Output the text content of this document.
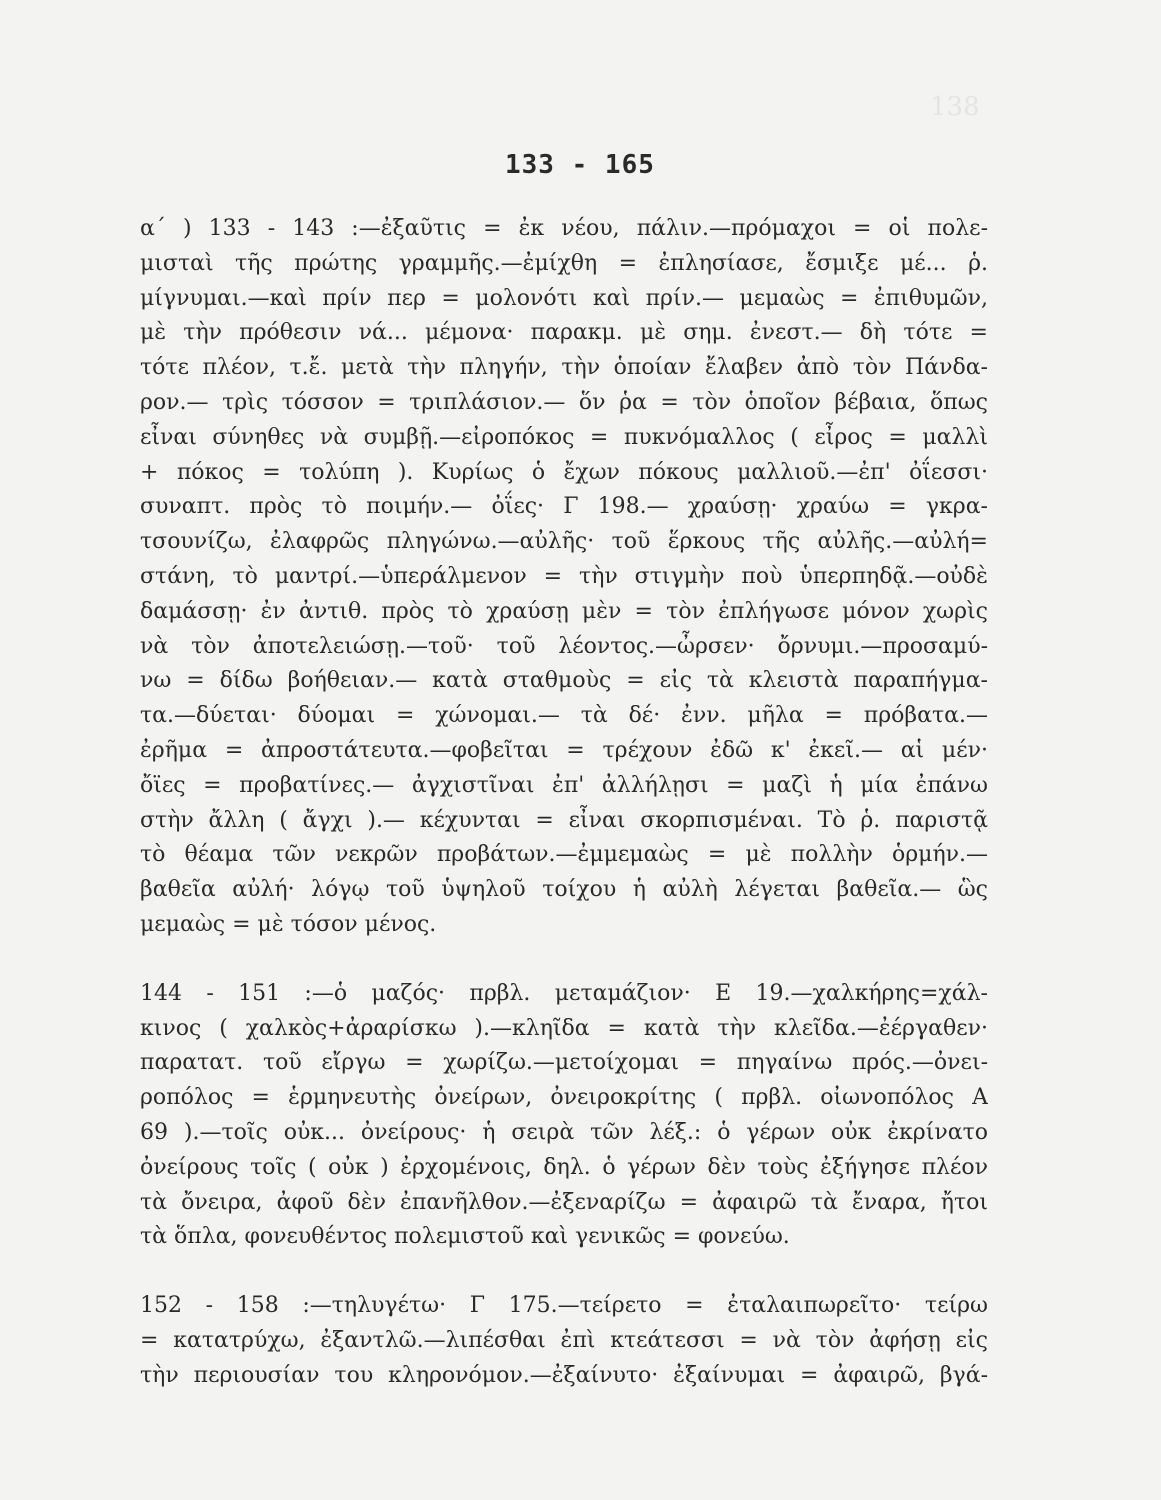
138
133 - 165
α΄ ) 133 - 143 :—ἐξαῦτις = ἐκ νέου, πάλιν.—πρόμαχοι = οἱ πολε-
μισταὶ τῆς πρώτης γραμμῆς.—ἐμίχθη = ἐπλησίασε, ἔσμιξε μέ... ῥ.
μίγνυμαι.—καὶ πρίν περ = μολονότι καὶ πρίν.— μεμαὼς = ἐπιθυμῶν,
μὲ τὴν πρόθεσιν νά... μέμονα· παρακμ. μὲ σημ. ἐνεστ.— δὴ τότε =
τότε πλέον, τ.ἔ. μετὰ τὴν πληγήν, τὴν ὁποίαν ἔλαβεν ἀπὸ τὸν Πάνδα-
ρον.— τρὶς τόσσον = τριπλάσιον.— ὅν ῥα = τὸν ὁποῖον βέβαια, ὅπως
εἶναι σύνηθες νὰ συμβῇ.—εἰροπόκος = πυκνόμαλλος ( εἶρος = μαλλὶ
+ πόκος = τολύπη ). Κυρίως ὁ ἔχων πόκους μαλλιοῦ.—ἐπ' ὀΐεσσι·
συναπτ. πρὸς τὸ ποιμήν.— ὀΐες· Γ 198.— χραύσῃ· χραύω = γκρα-
τσουνίζω, ἐλαφρῶς πληγώνω.—αὐλῆς· τοῦ ἕρκους τῆς αὐλῆς.—αὐλή=
στάνη, τὸ μαντρί.—ὑπεράλμενον = τὴν στιγμὴν ποὺ ὑπερπηδᾷ.—οὐδὲ
δαμάσσῃ· ἐν ἀντιθ. πρὸς τὸ χραύσῃ μὲν = τὸν ἐπλήγωσε μόνον χωρὶς
νὰ τὸν ἀποτελειώσῃ.—τοῦ· τοῦ λέοντος.—ὦρσεν· ὄρνυμι.—προσαμύ-
νω = δίδω βοήθειαν.— κατὰ σταθμοὺς = εἰς τὰ κλειστὰ παραπήγμα-
τα.—δύεται· δύομαι = χώνομαι.— τὰ δέ· ἐνν. μῆλα = πρόβατα.—
ἐρῆμα = ἀπροστάτευτα.—φοβεῖται = τρέχουν ἐδῶ κ' ἐκεῖ.— αἱ μέν·
ὄϊες = προβατίνες.— ἀγχιστῖναι ἐπ' ἀλλήλῃσι = μαζὶ ἡ μία ἐπάνω
στὴν ἄλλη ( ἄγχι ).— κέχυνται = εἶναι σκορπισμέναι. Τὸ ῥ. παριστᾷ
τὸ θέαμα τῶν νεκρῶν προβάτων.—ἐμμεμαὼς = μὲ πολλὴν ὁρμήν.—
βαθεῖα αὐλή· λόγῳ τοῦ ὑψηλοῦ τοίχου ἡ αὐλὴ λέγεται βαθεῖα.— ὣς
μεμαὼς = μὲ τόσον μένος.
144 - 151 :—ὁ μαζός· πρβλ. μεταμάζιον· Ε 19.—χαλκήρης=χάλ-
κινος ( χαλκὸς+ἀραρίσκω ).—κληῖδα = κατὰ τὴν κλεῖδα.—ἐέργαθεν·
παρατατ. τοῦ εἴργω = χωρίζω.—μετοίχομαι = πηγαίνω πρός.—ὀνει-
ροπόλος = ἑρμηνευτὴς ὀνείρων, ὀνειροκρίτης ( πρβλ. οἰωνοπόλος Α
69 ).—τοῖς οὐκ... ὀνείρους· ἡ σειρὰ τῶν λέξ.: ὁ γέρων οὐκ ἐκρίνατο
ὀνείρους τοῖς ( οὐκ ) ἐρχομένοις, δηλ. ὁ γέρων δὲν τοὺς ἐξήγησε πλέον
τὰ ὄνειρα, ἀφοῦ δὲν ἐπανῆλθον.—ἐξεναρίζω = ἀφαιρῶ τὰ ἔναρα, ἤτοι
τὰ ὅπλα, φονευθέντος πολεμιστοῦ καὶ γενικῶς = φονεύω.
152 - 158 :—τηλυγέτω· Γ 175.—τείρετο = ἐταλαιπωρεῖτο· τείρω
= κατατρύχω, ἐξαντλῶ.—λιπέσθαι ἐπὶ κτεάτεσσι = νὰ τὸν ἀφήσῃ εἰς
τὴν περιουσίαν του κληρονόμον.—ἐξαίνυτο· ἐξαίνυμαι = ἀφαιρῶ, βγά-
